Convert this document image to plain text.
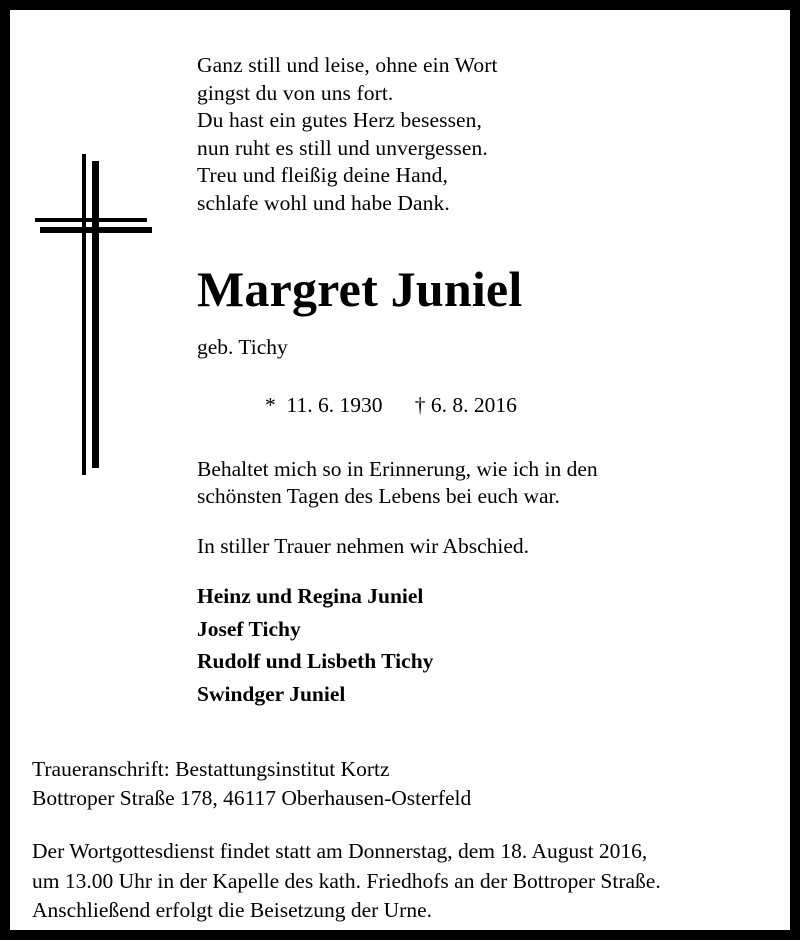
Ganz still und leise, ohne ein Wort
gingst du von uns fort.
Du hast ein gutes Herz besessen,
nun ruht es still und unvergessen.
Treu und fleißig deine Hand,
schlafe wohl und habe Dank.
Margret Juniel
geb. Tichy
*  11. 6. 1930      † 6. 8. 2016
Behaltet mich so in Erinnerung, wie ich in den
schönsten Tagen des Lebens bei euch war.
In stiller Trauer nehmen wir Abschied.
Heinz und Regina Juniel
Josef Tichy
Rudolf und Lisbeth Tichy
Swindger Juniel
Traueranschrift: Bestattungsinstitut Kortz
Bottroper Straße 178, 46117 Oberhausen-Osterfeld
Der Wortgottesdienst findet statt am Donnerstag, dem 18. August 2016,
um 13.00 Uhr in der Kapelle des kath. Friedhofs an der Bottroper Straße.
Anschließend erfolgt die Beisetzung der Urne.
